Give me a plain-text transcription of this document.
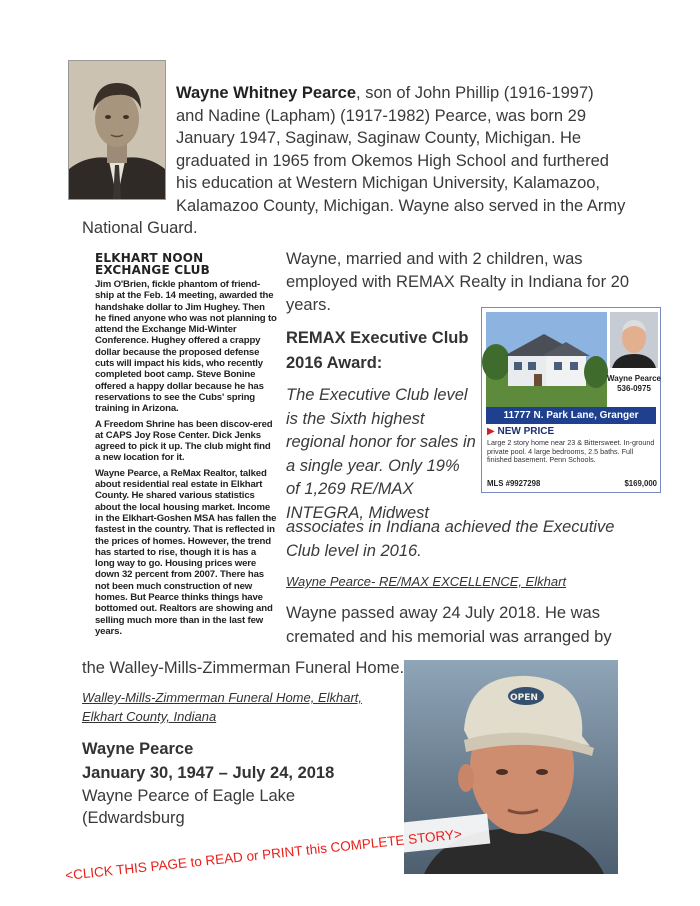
Wayne Whitney Pearce, son of John Phillip (1916-1997)
and Nadine (Lapham) (1917-1982) Pearce, was born 29
January 1947, Saginaw, Saginaw County, Michigan. He
graduated in 1965 from Okemos High School and furthered
his education at Western Michigan University, Kalamazoo,
Kalamazoo County, Michigan. Wayne also served in the Army
National Guard.
ELKHART NOON
EXCHANGE CLUB

Jim O'Brien, fickle phantom of friend-ship at the Feb. 14 meeting, awarded the handshake dollar to Jim Hughey. Then he fined anyone who was not planning to attend the Exchange Mid-Winter Conference. Hughey offered a crappy dollar because the proposed defense cuts will impact his kids, who recently completed boot camp. Steve Bonine offered a happy dollar because he has reservations to see the Cubs' spring training in Arizona.

A Freedom Shrine has been discov-ered at CAPS Joy Rose Center. Dick Jenks agreed to pick it up. The club might find a new location for it.

Wayne Pearce, a ReMax Realtor, talked about residential real estate in Elkhart County. He shared various statistics about the local housing market. Income in the Elkhart-Goshen MSA has fallen the fastest in the country. That is reflected in the prices of homes. However, the trend has started to rise, though it is has a long way to go. Housing prices were down 32 percent from 2007. There has not been much construction of new homes. But Pearce thinks things have bottomed out. Realtors are showing and selling much more than in the last few years.

Wayne, married and with 2 children, was
employed with REMAX Realty in Indiana for 20
years.
REMAX Executive Club
2016 Award:
The Executive Club level
is the Sixth highest
regional honor for sales in
a single year. Only 19%
of 1,269 RE/MAX
INTEGRA, Midwest
associates in Indiana achieved the Executive
Club level in 2016.
Wayne Pearce- RE/MAX EXCELLENCE, Elkhart
Wayne Pearce
536-0975
11777 N. Park Lane, Granger
▶ NEW PRICE
Large 2 story home near 23 & Bittersweet. In-ground private pool. 4 large bedrooms, 2.5 baths. Full finished basement. Penn Schools.
MLS #9927298	$169,000
Wayne passed away 24 July 2018. He was
cremated and his memorial was arranged by
the Walley-Mills-Zimmerman Funeral Home.
Walley-Mills-Zimmerman Funeral Home, Elkhart,
Elkhart County, Indiana
Wayne Pearce
January 30, 1947 – July 24, 2018
Wayne Pearce of Eagle Lake (Edwardsburg
OPEN
<CLICK THIS PAGE to READ or PRINT this COMPLETE STORY>
